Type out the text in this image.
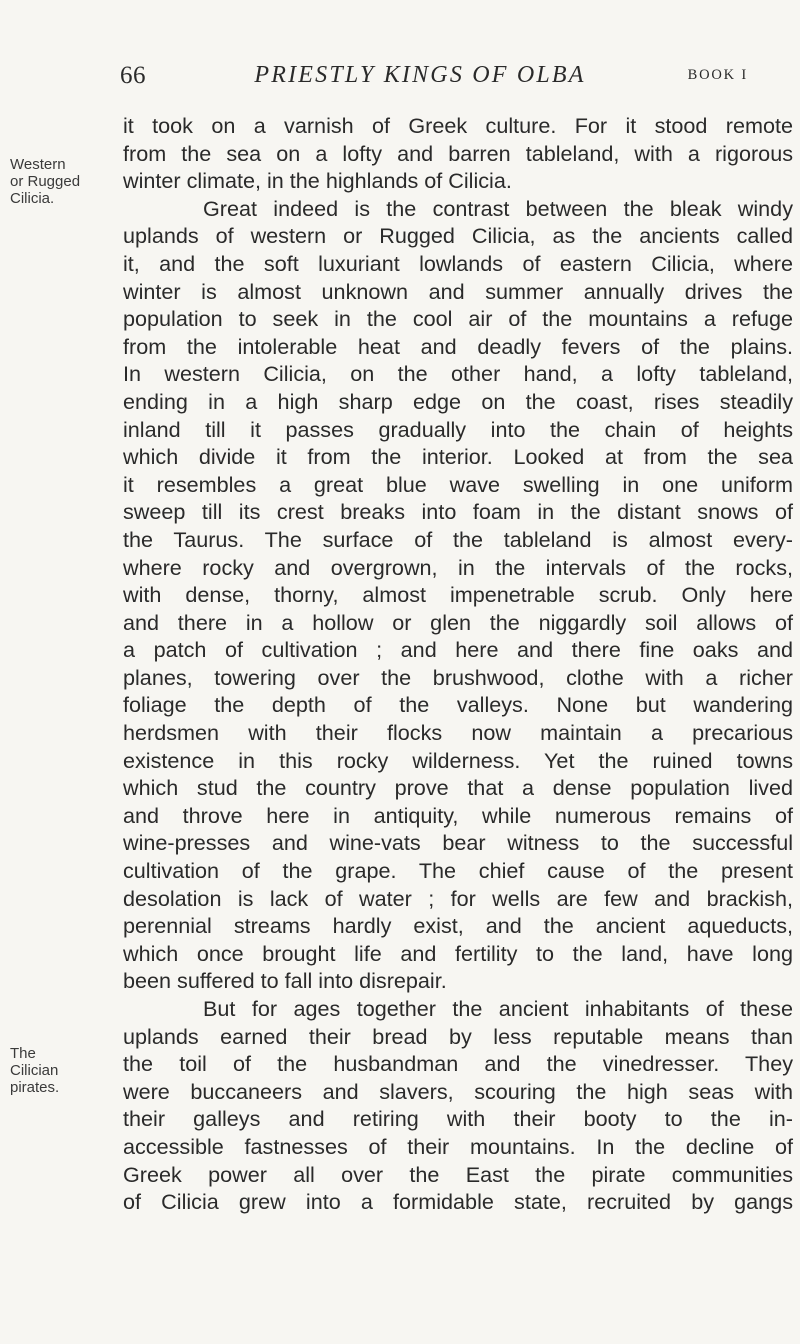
66	PRIESTLY KINGS OF OLBA	BOOK I
Western
or Rugged
Cilicia.
The
Cilician
pirates.
it took on a varnish of Greek culture. For it stood remote
from the sea on a lofty and barren tableland, with a rigorous
winter climate, in the highlands of Cilicia.
Great indeed is the contrast between the bleak windy
uplands of western or Rugged Cilicia, as the ancients called
it, and the soft luxuriant lowlands of eastern Cilicia, where
winter is almost unknown and summer annually drives the
population to seek in the cool air of the mountains a refuge
from the intolerable heat and deadly fevers of the plains.
In western Cilicia, on the other hand, a lofty tableland,
ending in a high sharp edge on the coast, rises steadily
inland till it passes gradually into the chain of heights
which divide it from the interior. Looked at from the sea
it resembles a great blue wave swelling in one uniform
sweep till its crest breaks into foam in the distant snows of
the Taurus. The surface of the tableland is almost every-
where rocky and overgrown, in the intervals of the rocks,
with dense, thorny, almost impenetrable scrub. Only here
and there in a hollow or glen the niggardly soil allows of
a patch of cultivation ; and here and there fine oaks and
planes, towering over the brushwood, clothe with a richer
foliage the depth of the valleys. None but wandering
herdsmen with their flocks now maintain a precarious
existence in this rocky wilderness. Yet the ruined towns
which stud the country prove that a dense population lived
and throve here in antiquity, while numerous remains of
wine-presses and wine-vats bear witness to the successful
cultivation of the grape. The chief cause of the present
desolation is lack of water ; for wells are few and brackish,
perennial streams hardly exist, and the ancient aqueducts,
which once brought life and fertility to the land, have long
been suffered to fall into disrepair.
But for ages together the ancient inhabitants of these
uplands earned their bread by less reputable means than
the toil of the husbandman and the vinedresser. They
were buccaneers and slavers, scouring the high seas with
their galleys and retiring with their booty to the in-
accessible fastnesses of their mountains. In the decline of
Greek power all over the East the pirate communities
of Cilicia grew into a formidable state, recruited by gangs
